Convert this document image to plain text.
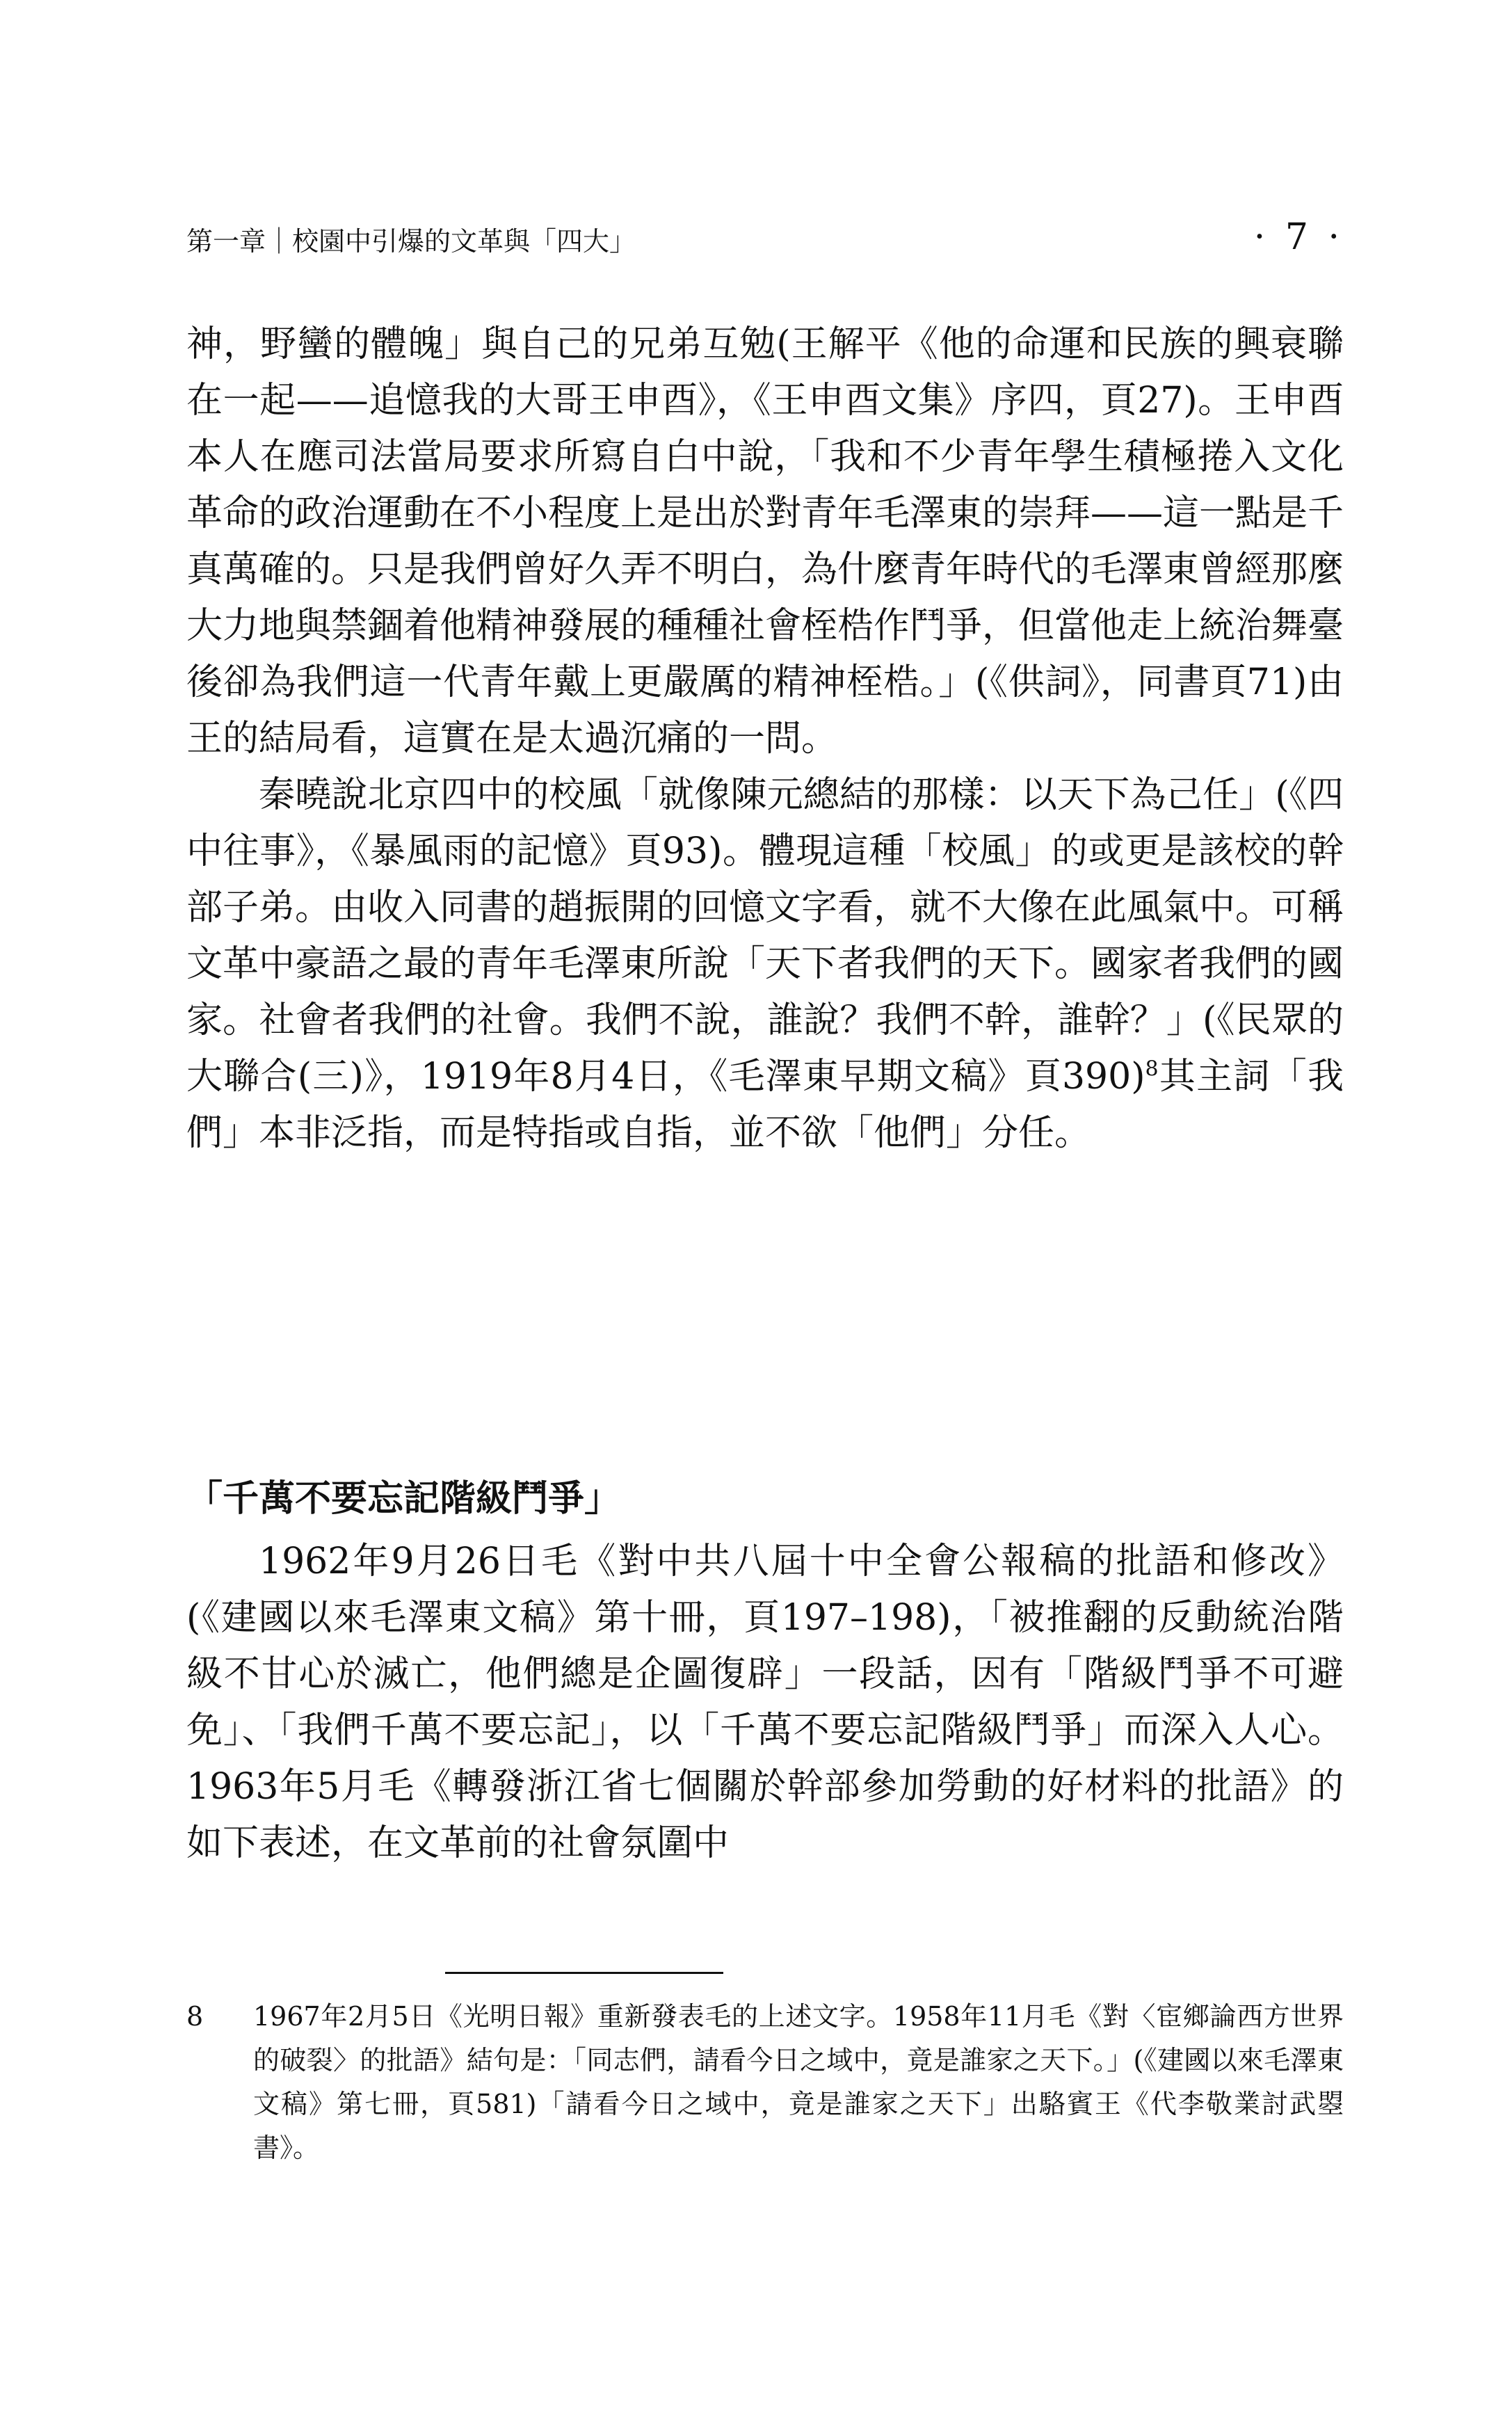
第一章｜校園中引爆的文革與「四大」	· 7 ·

神，野蠻的體魄」與自己的兄弟互勉(王解平《他的命運和民族的興衰聯在一起——追憶我的大哥王申酉》，《王申酉文集》序四，頁27)。王申酉本人在應司法當局要求所寫自白中說，「我和不少青年學生積極捲入文化革命的政治運動在不小程度上是出於對青年毛澤東的崇拜——這一點是千真萬確的。只是我們曾好久弄不明白，為什麼青年時代的毛澤東曾經那麼大力地與禁錮着他精神發展的種種社會桎梏作鬥爭，但當他走上統治舞臺後卻為我們這一代青年戴上更嚴厲的精神桎梏。」(《供詞》，同書頁71)由王的結局看，這實在是太過沉痛的一問。

秦曉說北京四中的校風「就像陳元總結的那樣：以天下為己任」(《四中往事》，《暴風雨的記憶》頁93)。體現這種「校風」的或更是該校的幹部子弟。由收入同書的趙振開的回憶文字看，就不大像在此風氣中。可稱文革中豪語之最的青年毛澤東所說「天下者我們的天下。國家者我們的國家。社會者我們的社會。我們不說，誰說？我們不幹，誰幹？」(《民眾的大聯合(三)》，1919年8月4日，《毛澤東早期文稿》頁390)$^8$其主詞「我們」本非泛指，而是特指或自指，並不欲「他們」分任。

「千萬不要忘記階級鬥爭」

1962年9月26日毛《對中共八屆十中全會公報稿的批語和修改》(《建國以來毛澤東文稿》第十冊，頁197–198)，「被推翻的反動統治階級不甘心於滅亡，他們總是企圖復辟」一段話，因有「階級鬥爭不可避免」、「我們千萬不要忘記」，以「千萬不要忘記階級鬥爭」而深入人心。1963年5月毛《轉發浙江省七個關於幹部參加勞動的好材料的批語》的如下表述，在文革前的社會氛圍中

8 1967年2月5日《光明日報》重新發表毛的上述文字。1958年11月毛《對〈宦鄉論西方世界的破裂〉的批語》結句是：「同志們，請看今日之域中，竟是誰家之天下。」(《建國以來毛澤東文稿》第七冊，頁581)「請看今日之域中，竟是誰家之天下」出駱賓王《代李敬業討武曌書》。
